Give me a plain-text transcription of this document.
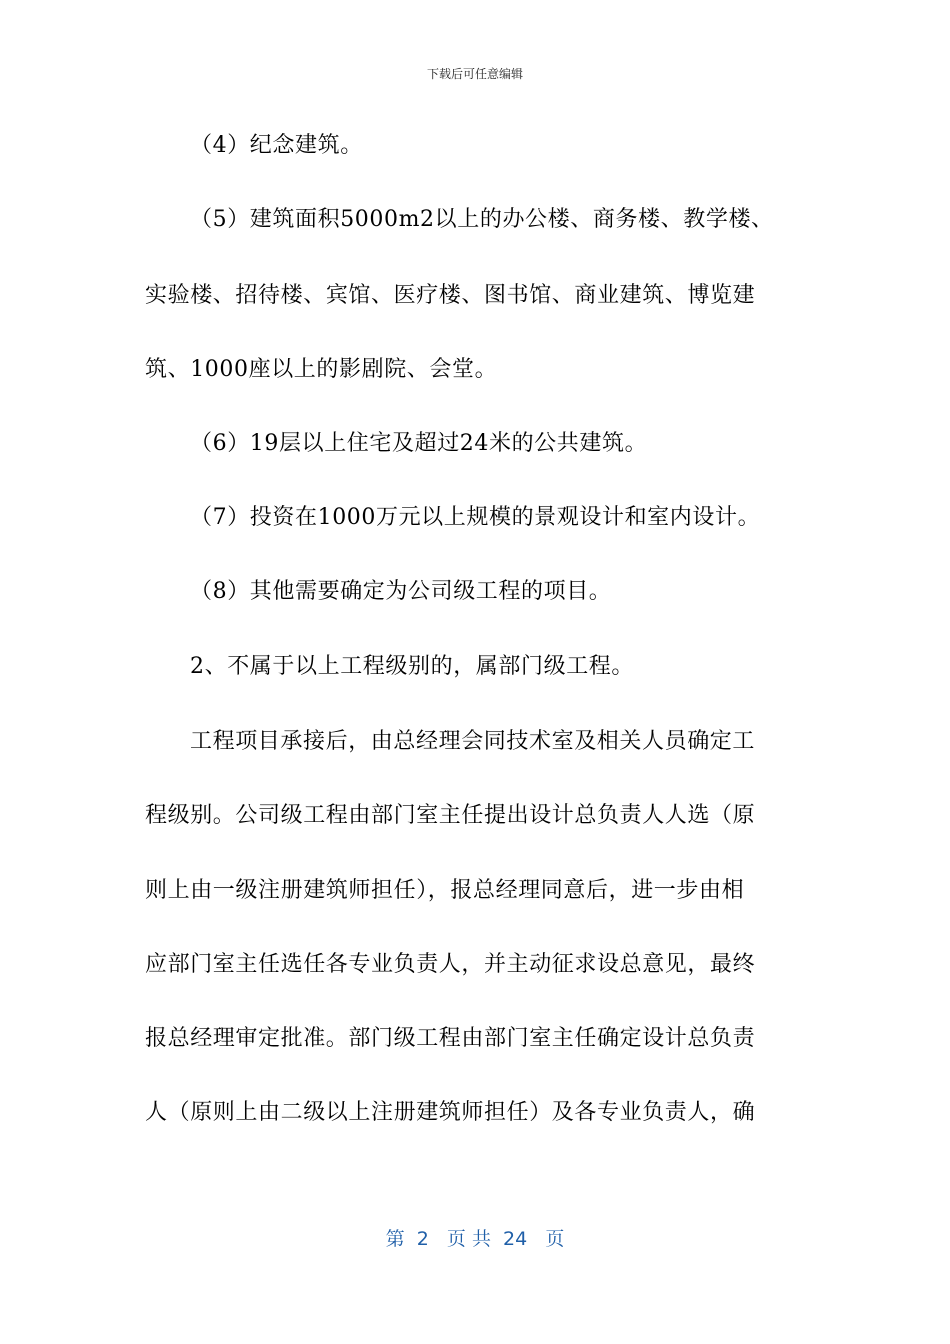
下载后可任意编辑
（4）纪念建筑。
（5）建筑面积5000m2以上的办公楼、商务楼、教学楼、
实验楼、招待楼、宾馆、医疗楼、图书馆、商业建筑、博览建
筑、1000座以上的影剧院、会堂。
（6）19层以上住宅及超过24米的公共建筑。
（7）投资在1000万元以上规模的景观设计和室内设计。
（8）其他需要确定为公司级工程的项目。
2、不属于以上工程级别的，属部门级工程。
工程项目承接后，由总经理会同技术室及相关人员确定工
程级别。公司级工程由部门室主任提出设计总负责人人选（原
则上由一级注册建筑师担任），报总经理同意后，进一步由相
应部门室主任选任各专业负责人，并主动征求设总意见，最终
报总经理审定批准。部门级工程由部门室主任确定设计总负责
人（原则上由二级以上注册建筑师担任）及各专业负责人，确
第  2   页 共  24   页
